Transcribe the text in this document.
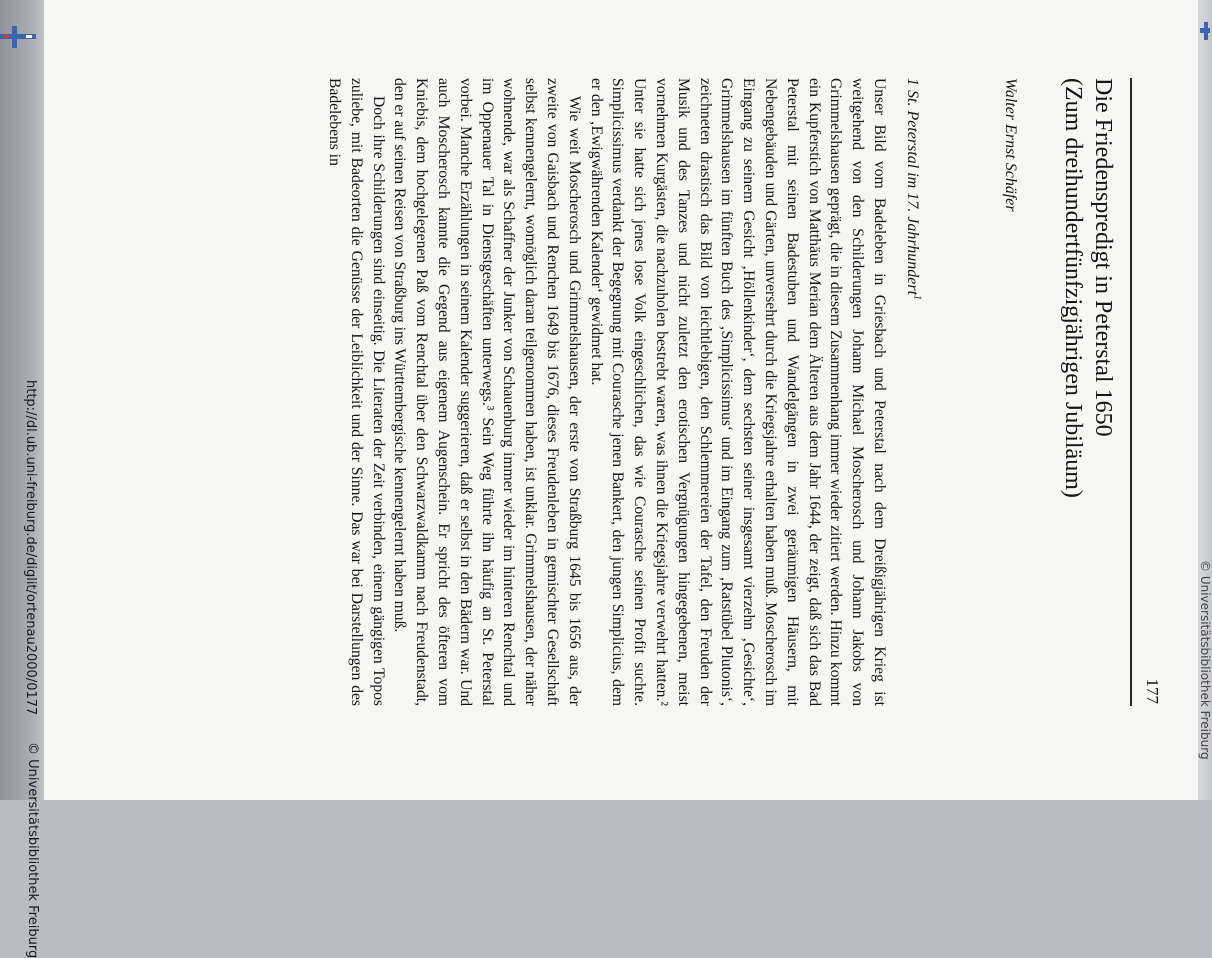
http://dl.ub.uni-freiburg.de/diglit/ortenau2000/0177
© Universitätsbibliothek Freiburg
© Universitätsbibliothek Freiburg
177
Die Friedenspredigt in Peterstal 1650
(Zum dreihundertfünfzigjährigen Jubiläum)
Walter Ernst Schäfer
1 St. Peterstal im 17. Jahrhundert$^1$

Unser Bild vom Badeleben in Griesbach und Peterstal nach dem Dreißigjährigen Krieg ist weitgehend von den Schilderungen Johann Michael Moscherosch und Johann Jakobs von Grimmelshausen geprägt, die in diesem Zusammenhang immer wieder zitiert werden. Hinzu kommt ein Kupferstich von Matthäus Merian dem Älteren aus dem Jahr 1644, der zeigt, daß sich das Bad Peterstal mit seinen Badestuben und Wandelgängen in zwei geräumigen Häusern, mit Nebengebäuden und Gärten, unversehrt durch die Kriegsjahre erhalten haben muß. Moscherosch im Eingang zu seinem Gesicht ‚Höllenkinder‘, dem sechsten seiner insgesamt vierzehn ‚Gesichte‘, Grimmelshausen im fünften Buch des ‚Simplicissimus‘ und im Eingang zum ‚Ratstübel Plutonis‘, zeichneten drastisch das Bild von leichtlebigen, den Schlemmereien der Tafel, den Freuden der Musik und des Tanzes und nicht zuletzt den erotischen Vergnügungen hingegebenen, meist vornehmen Kurgästen, die nachzuholen bestrebt waren, was ihnen die Kriegsjahre verwehrt hatten.² Unter sie hatte sich jenes lose Volk eingeschlichen, das wie Courasche seinen Profit suchte. Simplicissimus verdankt der Begegnung mit Courasche jenen Bankert, den jungen Simplicius, dem er den ‚Ewigwährenden Kalender‘ gewidmet hat.

Wie weit Moscherosch und Grimmelshausen, der erste von Straßburg 1645 bis 1656 aus, der zweite von Gaisbach und Renchen 1649 bis 1676, dieses Freudenleben in gemischter Gesellschaft selbst kennengelernt, womöglich daran teilgenommen haben, ist unklar. Grimmelshausen, der näher wohnende, war als Schaffner der Junker von Schauenburg immer wieder im hinteren Renchtal und im Oppenauer Tal in Dienstgeschäften unterwegs.³ Sein Weg führte ihn häufig an St. Peterstal vorbei. Manche Erzählungen in seinem Kalender suggerieren, daß er selbst in den Bädern war. Und auch Moscherosch kannte die Gegend aus eigenem Augenschein. Er spricht des öfteren vom Kniebis, dem hochgelegenen Paß vom Renchtal über den Schwarzwaldkamm nach Freudenstadt, den er auf seinen Reisen von Straßburg ins Württembergische kennengelernt haben muß.

Doch ihre Schilderungen sind einseitig. Die Literaten der Zeit verbinden, einem gängigen Topos zuliebe, mit Badeorten die Genüsse der Leiblichkeit und der Sinne. Das war bei Darstellungen des Badelebens in
